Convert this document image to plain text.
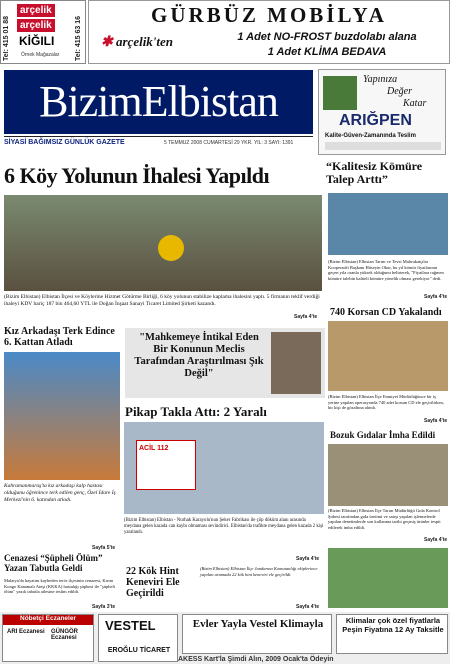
Tel: 415 01 88	Tel: 415 63 16
arçelik
arçelik
KİĞILI
Örnek Mağazalar
GÜRBÜZ MOBİLYA
✱ arçelik'ten	1 Adet NO-FROST buzdolabı alana
1 Adet KLİMA BEDAVA
BizimElbistan
SİYASİ BAĞIMSIZ GÜNLÜK GAZETE	5 TEMMUZ 2008 CUMARTESİ 29 YKR. YIL: 3 SAYI: 1391
Yapınıza
Değer
Katar
ARIĞPEN
Kalite-Güven-Zamanında Teslim
6 Köy Yolunun İhalesi Yapıldı
(Bizim Elbistan) Elbistan İlçesi ve Köylerine Hizmet Götürme Birliği, 6 köy yolunun stabilize kaplama ihalesini yaptı. 5 firmanın teklif verdiği ihaleyi KDV hariç 187 bin 464,60 YTL ile Doğan İnşaat Sanayi Ticaret Limited Şirketi kazandı.
Sayfa 4'te
“Kalitesiz Kömüre Talep Arttı”
(Bizim Elbistan) Elbistan Tarım ve Tevsi Mahrukatçılar Kooperatifi Başkanı Hüseyin Okur, bu yıl kömür fiyatlarının geçen yıla oranla yüksek olduğunu belirterek, "Fiyatlara rağmen kömüre talebin kaliteli kömüre yönelik olması gerekiyor" dedi.
Sayfa 4'te
740 Korsan CD Yakalandı
(Bizim Elbistan) Elbistan İlçe Emniyet Müdürlüğünce bir iş yerine yapılan operasyonda 740 adet korsan CD ele geçirilirken, bir kişi de gözaltına alındı.
Sayfa 4'te
Bozuk Gıdalar İmha Edildi
(Bizim Elbistan) Elbistan İlçe Tarım Müdürlüğü Gıda Kontrol Şubesi tarafından gıda üretimi ve satışı yapılan işletmelerde yapılan denetimlerde son kullanma tarihi geçmiş ürünler tespit edilerek imha edildi.
Sayfa 4'te
Kız Arkadaşı Terk Edince 6. Kattan Atladı
Kahramanmaraş'ta kız arkadaşı kalp hastası olduğunu öğrenince terk edilen genç, Özel İdare İş Merkezi'nin 6. katından atladı.
Sayfa 5'te
"Mahkemeye İntikal Eden Bir Konunun Meclis Tarafından Araştırılması Şık Değil"
Pikap Takla Attı: 2 Yaralı
ACİL 112
(Bizim Elbistan) Elbistan - Nurhak Karayolu'nun Şeker Fabrikası ile çöp döküm alanı arasında meydana gelen kazada can kaybı olmaması sevindirici. Elbistan'da trafikte meydana gelen kazada 2 kişi yaralandı.
Sayfa 4'te
Cenazesi “Şüpheli Ölüm” Yazan Tabutla Geldi
Malatya'da hayatını kaybeden terör ilçesinin cenazesi, Kırım Kongo Kanamalı Ateşi (KKKA) hastalığı şüphesi ile "şüpheli ölüm" yazılı tabutla ailesine teslim edildi.
Sayfa 3'te
22 Kök Hint Keneviri Ele Geçirildi
(Bizim Elbistan) Elbistan İlçe Jandarma Komutanlığı ekiplerince yapılan aramada 22 kök hint keneviri ele geçirildi.
Sayfa 4'te
Nöbetçi Eczaneler
ARI Eczanesi	GÜNGÖR Eczanesi
VESTEL
EROĞLU TİCARET
Evler Yayla Vestel Klimayla	Klimalar çok özel fiyatlarla Peşin Fiyatına 12 Ay Taksitle
AKESS Kart'la Şimdi Alın, 2009 Ocak'ta Ödeyin
